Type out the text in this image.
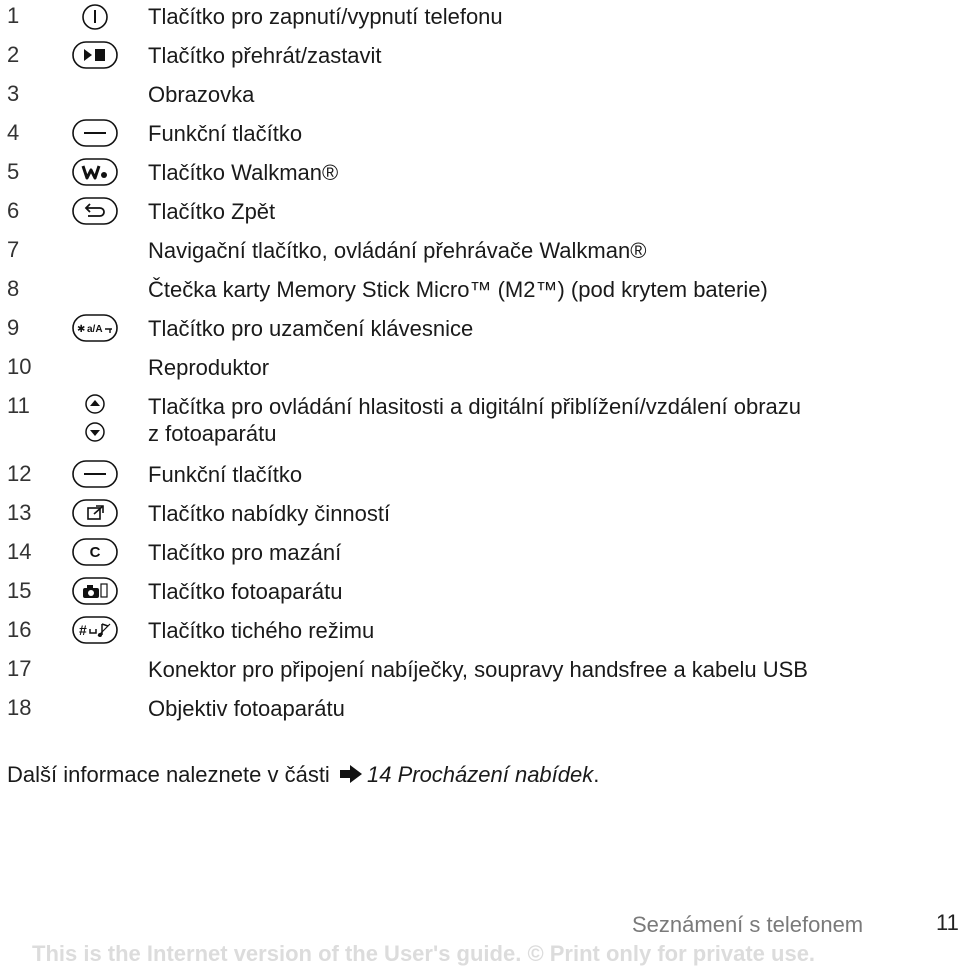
1	Tlačítko pro zapnutí/vypnutí telefonu
2	Tlačítko přehrát/zastavit
3	Obrazovka
4	Funkční tlačítko
5	Tlačítko Walkman®
6	Tlačítko Zpět
7	Navigační tlačítko, ovládání přehrávače Walkman®
8	Čtečka karty Memory Stick Micro™ (M2™) (pod krytem baterie)
9	✱ a/A Tlačítko pro uzamčení klávesnice
10	Reproduktor
11	Tlačítka pro ovládání hlasitosti a digitální přiblížení/vzdálení obrazu
z fotoaparátu
12	Funkční tlačítko
13	Tlačítko nabídky činností
14	C Tlačítko pro mazání
15	Tlačítko fotoaparátu
16	#	Tlačítko tichého režimu
17	Konektor pro připojení nabíječky, soupravy handsfree a kabelu USB
18	Objektiv fotoaparátu
Další informace naleznete v části 14 Procházení nabídek.
Seznámení s telefonem	11
This is the Internet version of the User's guide. © Print only for private use.
